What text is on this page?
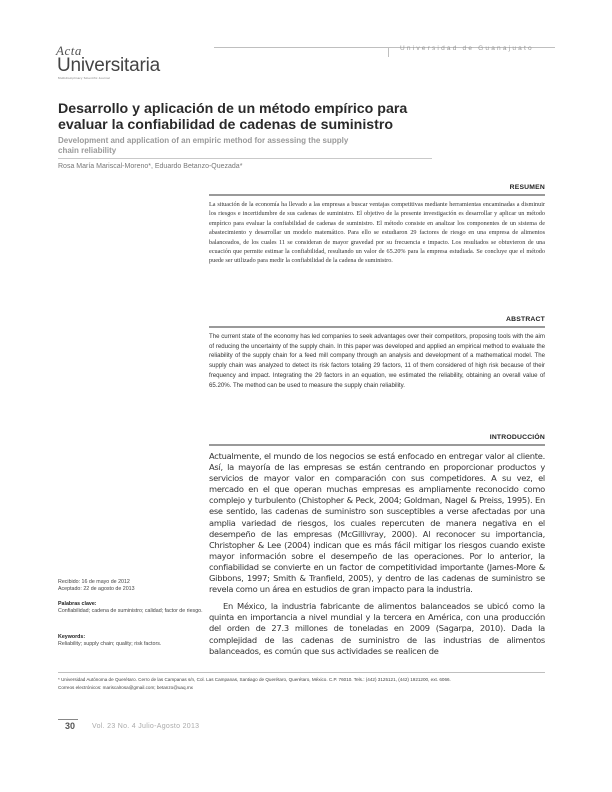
Acta
Universitaria
Multidisciplinary Scientific Journal
Universidad de Guanajuato
Desarrollo y aplicación de un método empírico para
evaluar la confiabilidad de cadenas de suministro
Development and application of an empiric method for assessing the supply
chain reliability
Rosa María Mariscal-Moreno*, Eduardo Betanzo-Quezada*
RESUMEN
La situación de la economía ha llevado a las empresas a buscar ventajas competitivas mediante herramientas encaminadas a disminuir los riesgos e incertidumbre de sus cadenas de suministro. El objetivo de la presente investigación es desarrollar y aplicar un método empírico para evaluar la confiabilidad de cadenas de suministro. El método consiste en analizar los componentes de un sistema de abastecimiento y desarrollar un modelo matemático. Para ello se estudiaron 29 factores de riesgo en una empresa de alimentos balanceados, de los cuales 11 se consideran de mayor gravedad por su frecuencia e impacto. Los resultados se obtuvieron de una ecuación que permite estimar la confiabilidad, resultando un valor de 65.20% para la empresa estudiada. Se concluye que el método puede ser utilizado para medir la confiabilidad de la cadena de suministro.
ABSTRACT
The current state of the economy has led companies to seek advantages over their competitors, proposing tools with the aim of reducing the uncertainty of the supply chain. In this paper was developed and applied an empirical method to evaluate the reliability of the supply chain for a feed mill company through an analysis and development of a mathematical model. The supply chain was analyzed to detect its risk factors totaling 29 factors, 11 of them considered of high risk because of their frequency and impact. Integrating the 29 factors in an equation, we estimated the reliability, obtaining an overall value of 65.20%. The method can be used to measure the supply chain reliability.
INTRODUCCIÓN

Actualmente, el mundo de los negocios se está enfocado en entregar valor al cliente. Así, la mayoría de las empresas se están centrando en proporcionar productos y servicios de mayor valor en comparación con sus competidores. A su vez, el mercado en el que operan muchas empresas es ampliamente reconocido como complejo y turbulento (Chistopher & Peck, 2004; Goldman, Nagel & Preiss, 1995). En ese sentido, las cadenas de suministro son susceptibles a verse afectadas por una amplia variedad de riesgos, los cuales repercuten de manera negativa en el desempeño de las empresas (McGillivray, 2000). Al reconocer su importancia, Christopher & Lee (2004) indican que es más fácil mitigar los riesgos cuando existe mayor información sobre el desempeño de las operaciones. Por lo anterior, la confiabilidad se convierte en un factor de competitividad importante (James-More & Gibbons, 1997; Smith & Tranfield, 2005), y dentro de las cadenas de suministro se revela como un área en estudios de gran impacto para la industria.

En México, la industria fabricante de alimentos balanceados se ubicó como la quinta en importancia a nivel mundial y la tercera en América, con una producción del orden de 27.3 millones de toneladas en 2009 (Sagarpa, 2010). Dada la complejidad de las cadenas de suministro de las industrias de alimentos balanceados, es común que sus actividades se realicen de

Recibido: 16 de mayo de 2012
Aceptado: 22 de agosto de 2013
Palabras clave:
Confiabilidad; cadena de suministro; calidad; factor de riesgo.
Keywords:
Reliability; supply chain; quality; risk factors.
* Universidad Autónoma de Querétaro. Cerro de las Campanas s/n, Col. Las Campanas, Santiago de Querétaro, Querétaro, México. C.P. 76010. Tels.: (442) 3125121, (442) 1921200, ext. 6066.
Correos electrónicos: mariscalrosa@gmail.com; betanzo@uaq.mx
30 Vol. 23 No. 4 Julio-Agosto 2013
